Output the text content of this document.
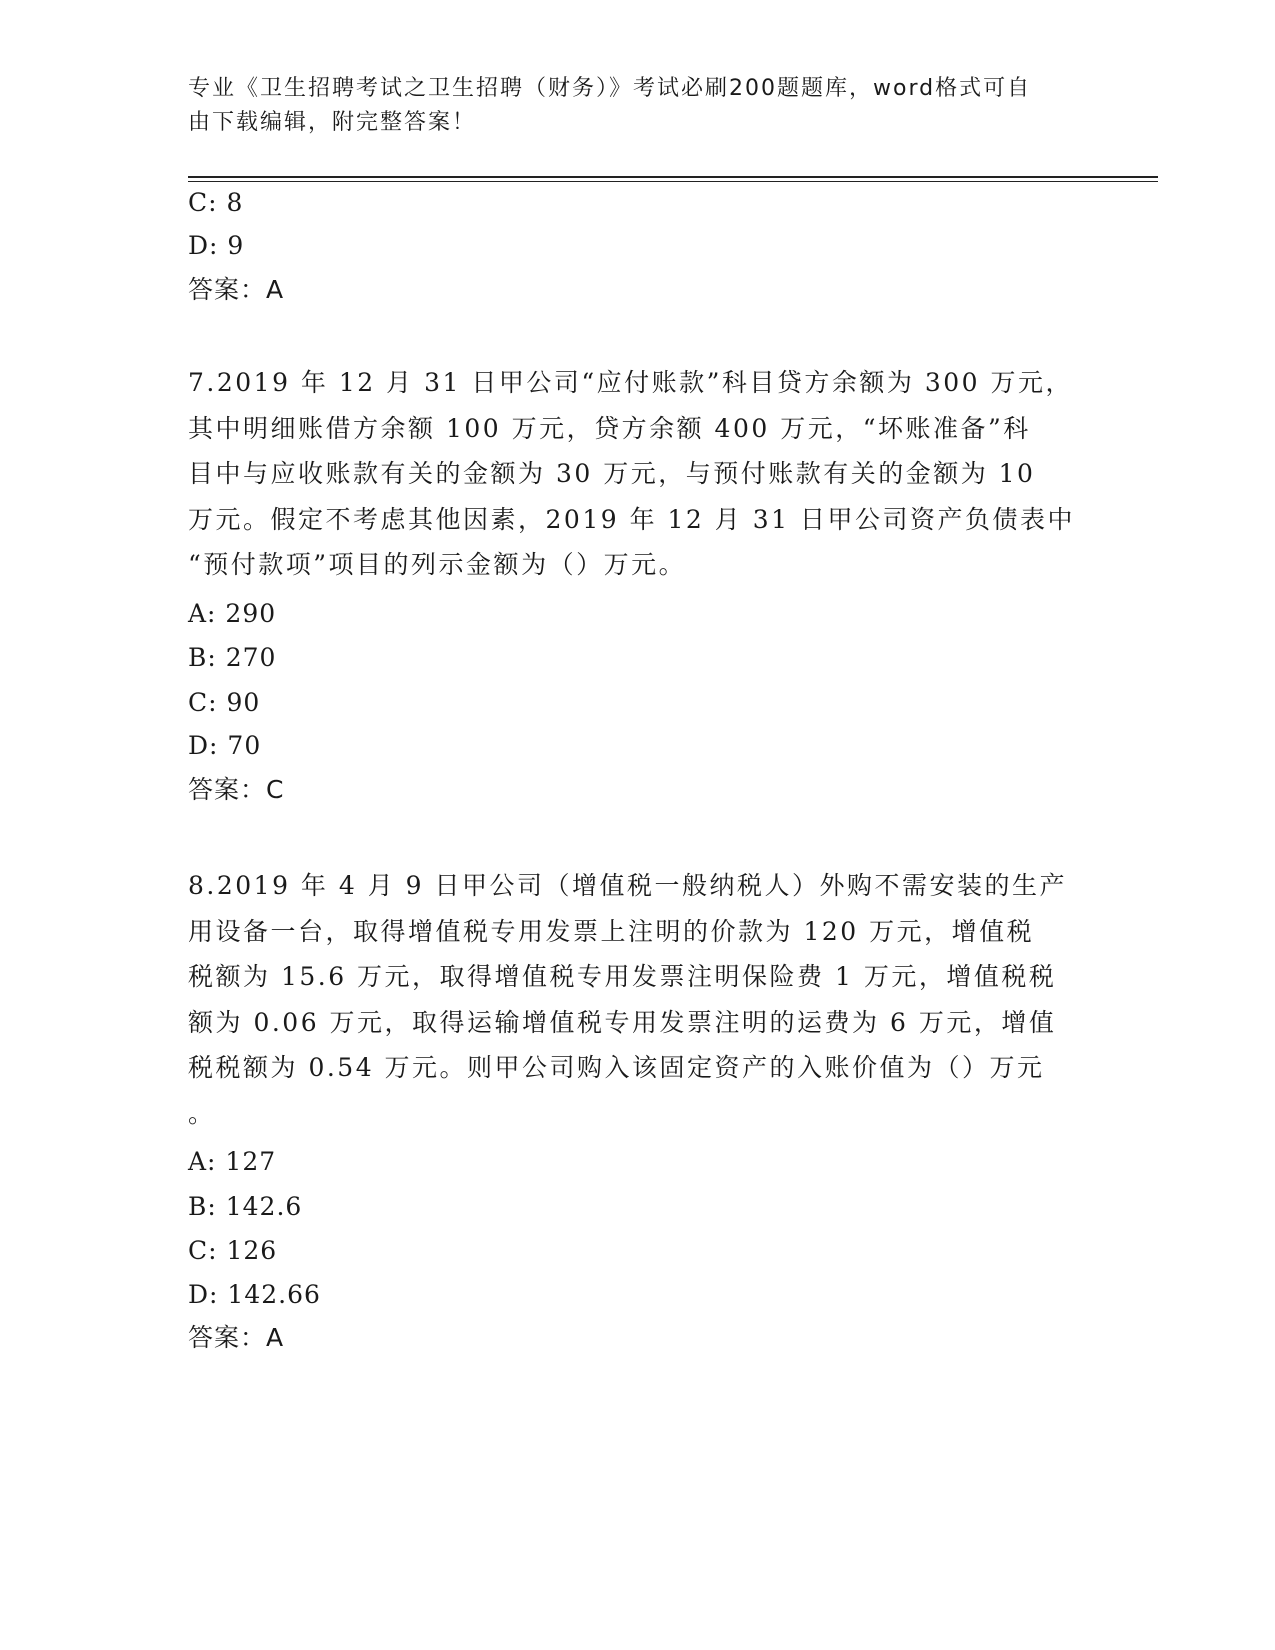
专业《卫生招聘考试之卫生招聘（财务）》考试必刷200题题库，word格式可自
由下载编辑，附完整答案！
C: 8
D: 9
答案：A
7.2019 年 12 月 31 日甲公司“应付账款”科目贷方余额为 300 万元，
其中明细账借方余额 100 万元，贷方余额 400 万元，“坏账准备”科
目中与应收账款有关的金额为 30 万元，与预付账款有关的金额为 10
万元。假定不考虑其他因素，2019 年 12 月 31 日甲公司资产负债表中
“预付款项”项目的列示金额为（）万元。
A: 290
B: 270
C: 90
D: 70
答案：C
8.2019 年 4 月 9 日甲公司（增值税一般纳税人）外购不需安装的生产
用设备一台，取得增值税专用发票上注明的价款为 120 万元，增值税
税额为 15.6 万元，取得增值税专用发票注明保险费 1 万元，增值税税
额为 0.06 万元，取得运输增值税专用发票注明的运费为 6 万元，增值
税税额为 0.54 万元。则甲公司购入该固定资产的入账价值为（）万元
。
A: 127
B: 142.6
C: 126
D: 142.66
答案：A
